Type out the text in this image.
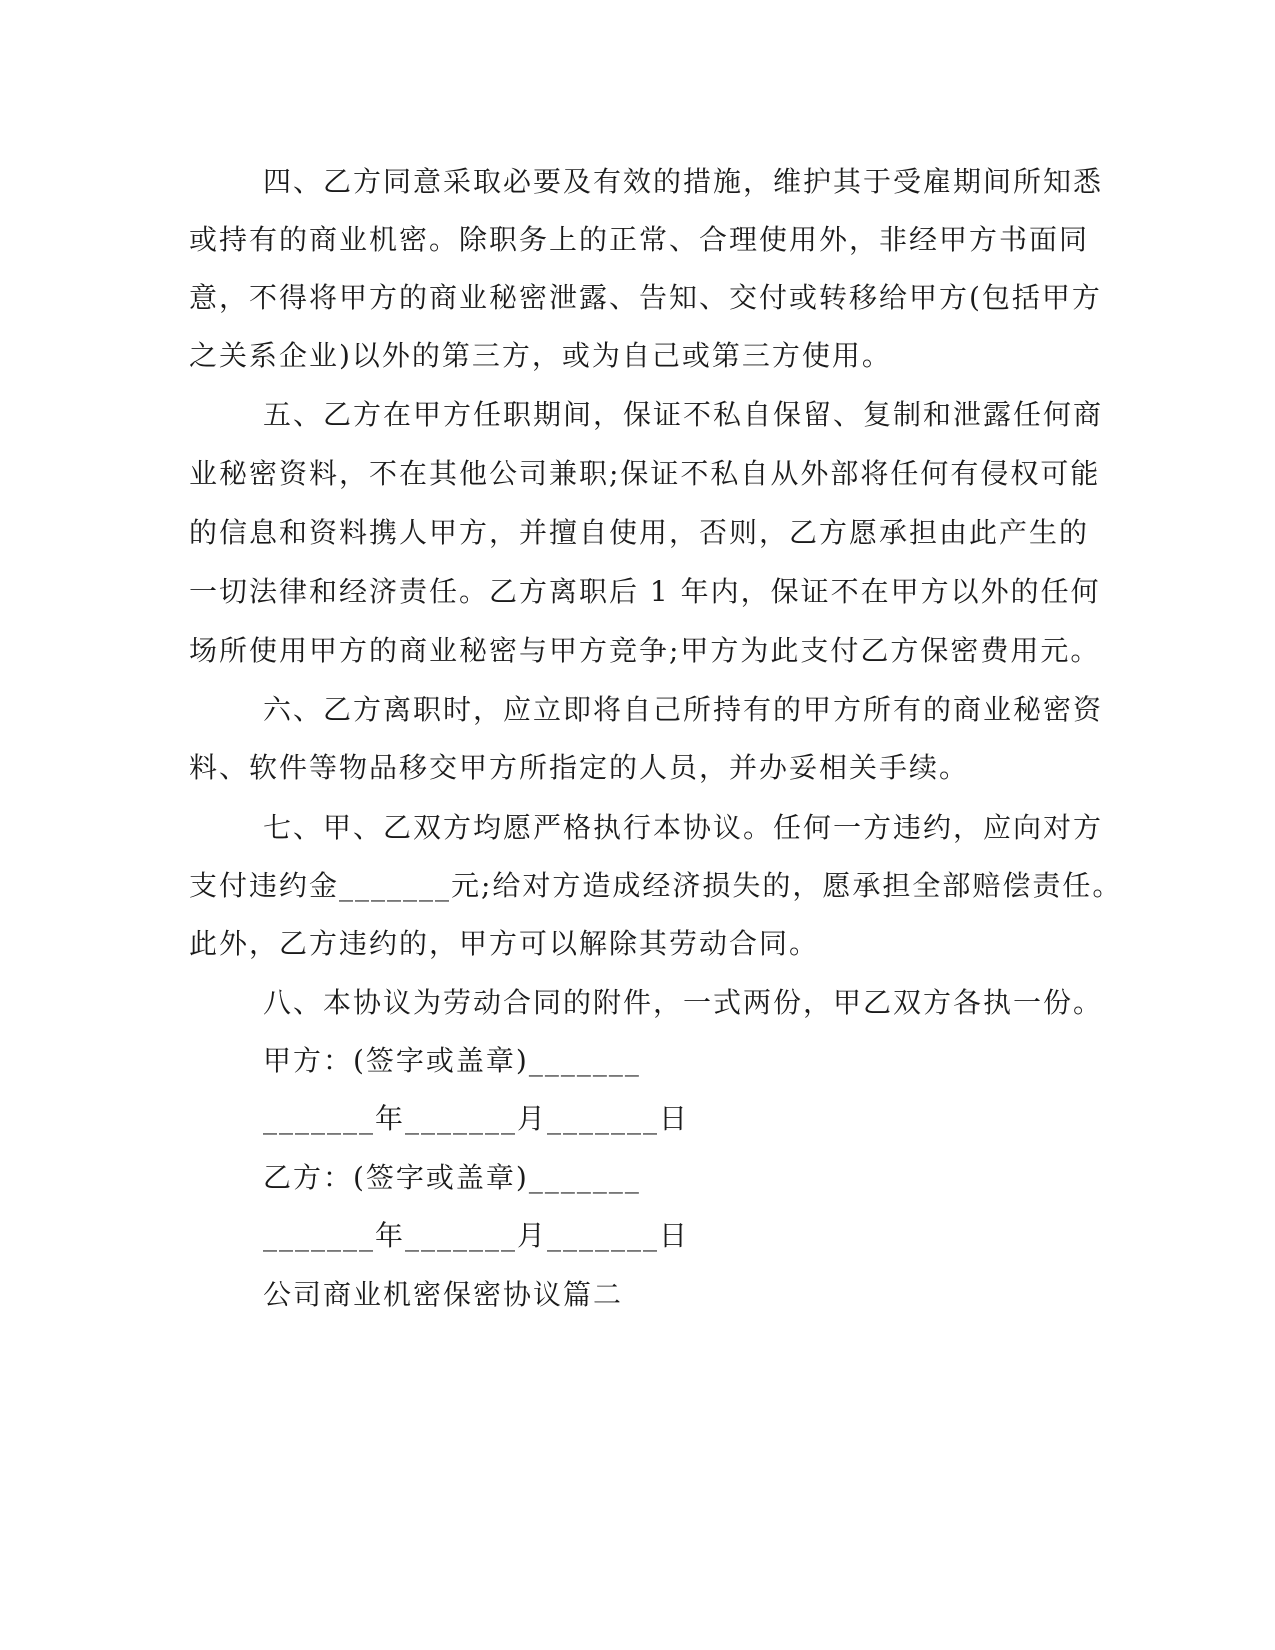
四、乙方同意采取必要及有效的措施，维护其于受雇期间所知悉
或持有的商业机密。除职务上的正常、合理使用外，非经甲方书面同
意，不得将甲方的商业秘密泄露、告知、交付或转移给甲方(包括甲方
之关系企业)以外的第三方，或为自己或第三方使用。
五、乙方在甲方任职期间，保证不私自保留、复制和泄露任何商
业秘密资料，不在其他公司兼职;保证不私自从外部将任何有侵权可能
的信息和资料携人甲方，并擅自使用，否则，乙方愿承担由此产生的
一切法律和经济责任。乙方离职后 1 年内，保证不在甲方以外的任何
场所使用甲方的商业秘密与甲方竞争;甲方为此支付乙方保密费用元。
六、乙方离职时，应立即将自己所持有的甲方所有的商业秘密资
料、软件等物品移交甲方所指定的人员，并办妥相关手续。
七、甲、乙双方均愿严格执行本协议。任何一方违约，应向对方
支付违约金_______元;给对方造成经济损失的，愿承担全部赔偿责任。
此外，乙方违约的，甲方可以解除其劳动合同。
八、本协议为劳动合同的附件，一式两份，甲乙双方各执一份。
甲方：(签字或盖章)_______
_______年_______月_______日
乙方：(签字或盖章)_______
_______年_______月_______日
公司商业机密保密协议篇二
